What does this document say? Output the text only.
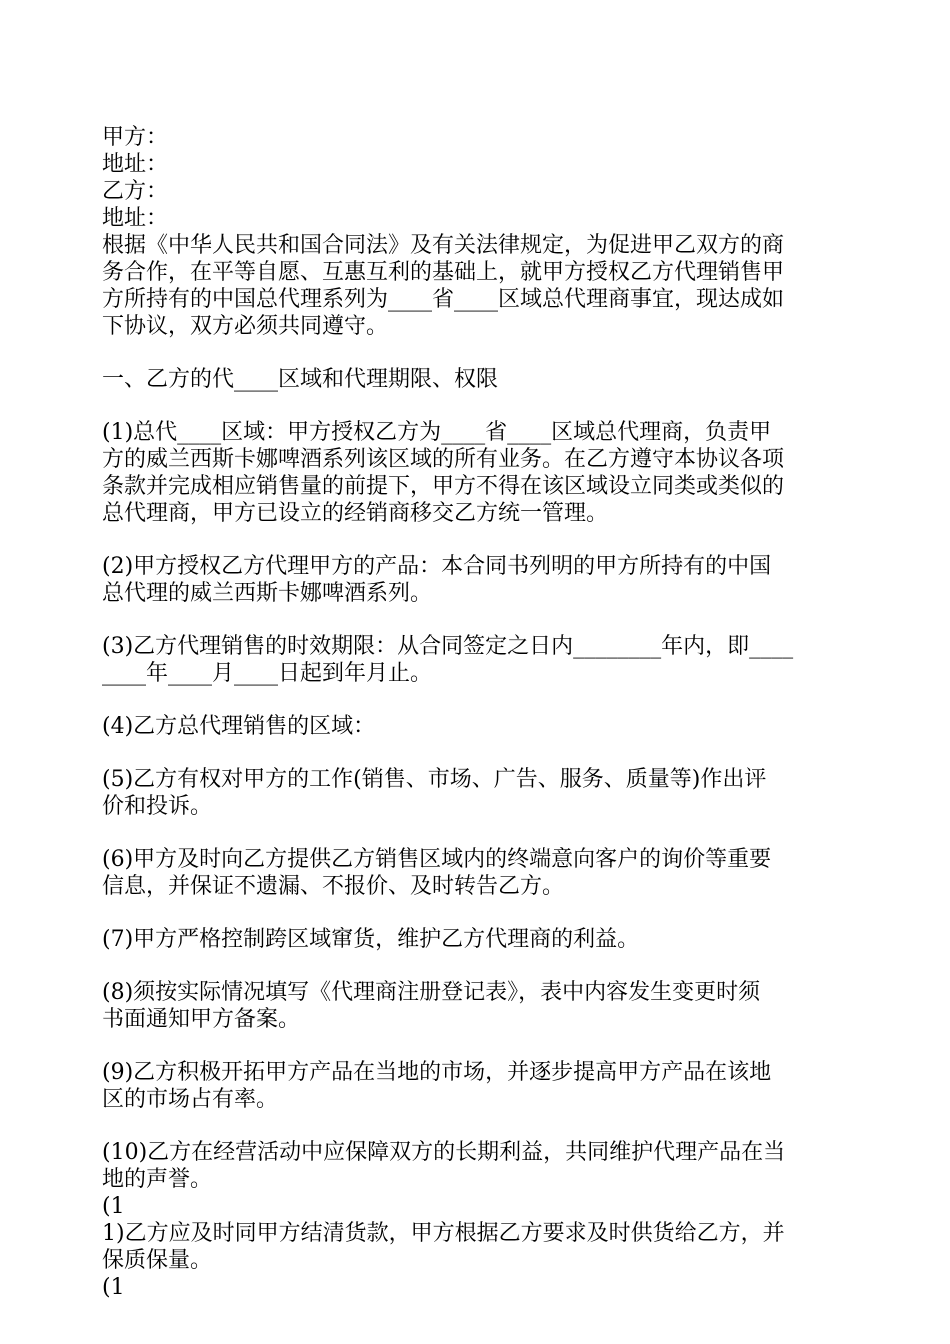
甲方：
地址：
乙方：
地址：
根据《中华人民共和国合同法》及有关法律规定，为促进甲乙双方的商
务合作，在平等自愿、互惠互利的基础上，就甲方授权乙方代理销售甲
方所持有的中国总代理系列为____省____区域总代理商事宜，现达成如
下协议，双方必须共同遵守。
一、乙方的代____区域和代理期限、权限
(1)总代____区域：甲方授权乙方为____省____区域总代理商，负责甲
方的威兰西斯卡娜啤酒系列该区域的所有业务。在乙方遵守本协议各项
条款并完成相应销售量的前提下，甲方不得在该区域设立同类或类似的
总代理商，甲方已设立的经销商移交乙方统一管理。
(2)甲方授权乙方代理甲方的产品：本合同书列明的甲方所持有的中国
总代理的威兰西斯卡娜啤酒系列。
(3)乙方代理销售的时效期限：从合同签定之日内________年内，即____
____年____月____日起到年月止。
(4)乙方总代理销售的区域：
(5)乙方有权对甲方的工作(销售、市场、广告、服务、质量等)作出评
价和投诉。
(6)甲方及时向乙方提供乙方销售区域内的终端意向客户的询价等重要
信息，并保证不遗漏、不报价、及时转告乙方。
(7)甲方严格控制跨区域窜货，维护乙方代理商的利益。
(8)须按实际情况填写《代理商注册登记表》，表中内容发生变更时须
书面通知甲方备案。
(9)乙方积极开拓甲方产品在当地的市场，并逐步提高甲方产品在该地
区的市场占有率。
(10)乙方在经营活动中应保障双方的长期利益，共同维护代理产品在当
地的声誉。
(1
1)乙方应及时同甲方结清货款，甲方根据乙方要求及时供货给乙方，并
保质保量。
(1
